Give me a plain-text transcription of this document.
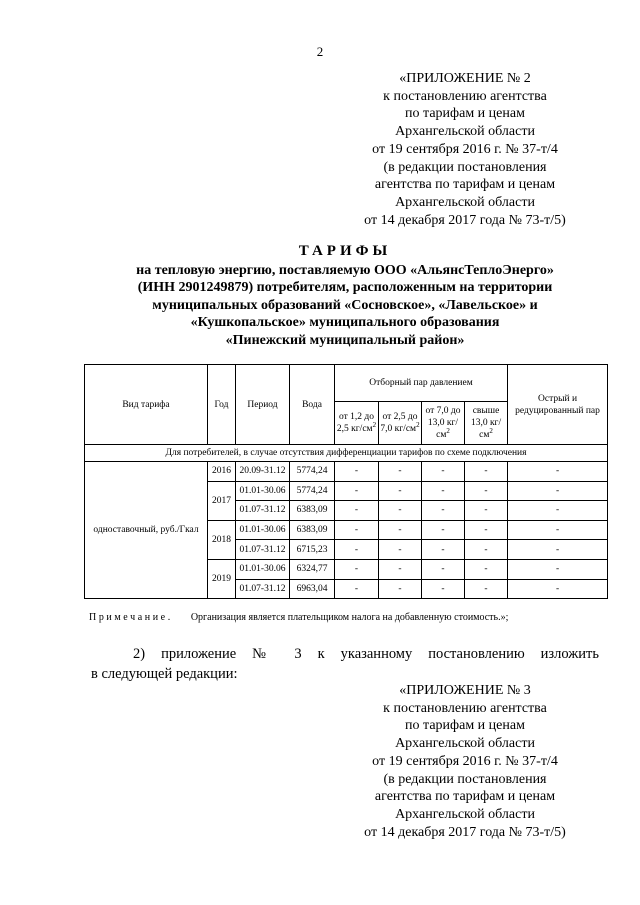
2
«ПРИЛОЖЕНИЕ № 2
к постановлению агентства
по тарифам и ценам
Архангельской области
от 19 сентября 2016 г. № 37-т/4
(в редакции постановления
агентства по тарифам и ценам
Архангельской области
от 14 декабря 2017 года № 73-т/5)
ТАРИФЫ
на тепловую энергию, поставляемую ООО «АльянсТеплоЭнерго»
(ИНН 2901249879) потребителям, расположенным на территории
муниципальных образований «Сосновское», «Лавельское» и
«Кушкопальское» муниципального образования
«Пинежский муниципальный район»
Вид тарифа	Год	Период	Вода	Отборный пар давлением				Острый и редуцированный пар
				от 1,2 до 2,5 $кг/см^2$	от 2,5 до 7,0 $кг/см^2$	от 7,0 до 13,0 $кг/см^2$	свыше 13,0 $кг/см^2$
Для потребителей, в случае отсутствия дифференциации тарифов по схеме подключения								
одноставочный, руб./Гкал	2016	20.09-31.12	5774,24	-	-	-	-	-
	2017	01.01-30.06	5774,24	-	-	-	-	-
		01.07-31.12	6383,09	-	-	-	-	-
	2018	01.01-30.06	6383,09	-	-	-	-	-
		01.07-31.12	6715,23	-	-	-	-	-
	2019	01.01-30.06	6324,77	-	-	-	-	-
		01.07-31.12	6963,04	-	-	-	-	-
Примечание. Организация является плательщиком налога на добавленную стоимость.»;
2) приложение № 3 к указанному постановлению изложить
в следующей редакции:
«ПРИЛОЖЕНИЕ № 3
к постановлению агентства
по тарифам и ценам
Архангельской области
от 19 сентября 2016 г. № 37-т/4
(в редакции постановления
агентства по тарифам и ценам
Архангельской области
от 14 декабря 2017 года № 73-т/5)
